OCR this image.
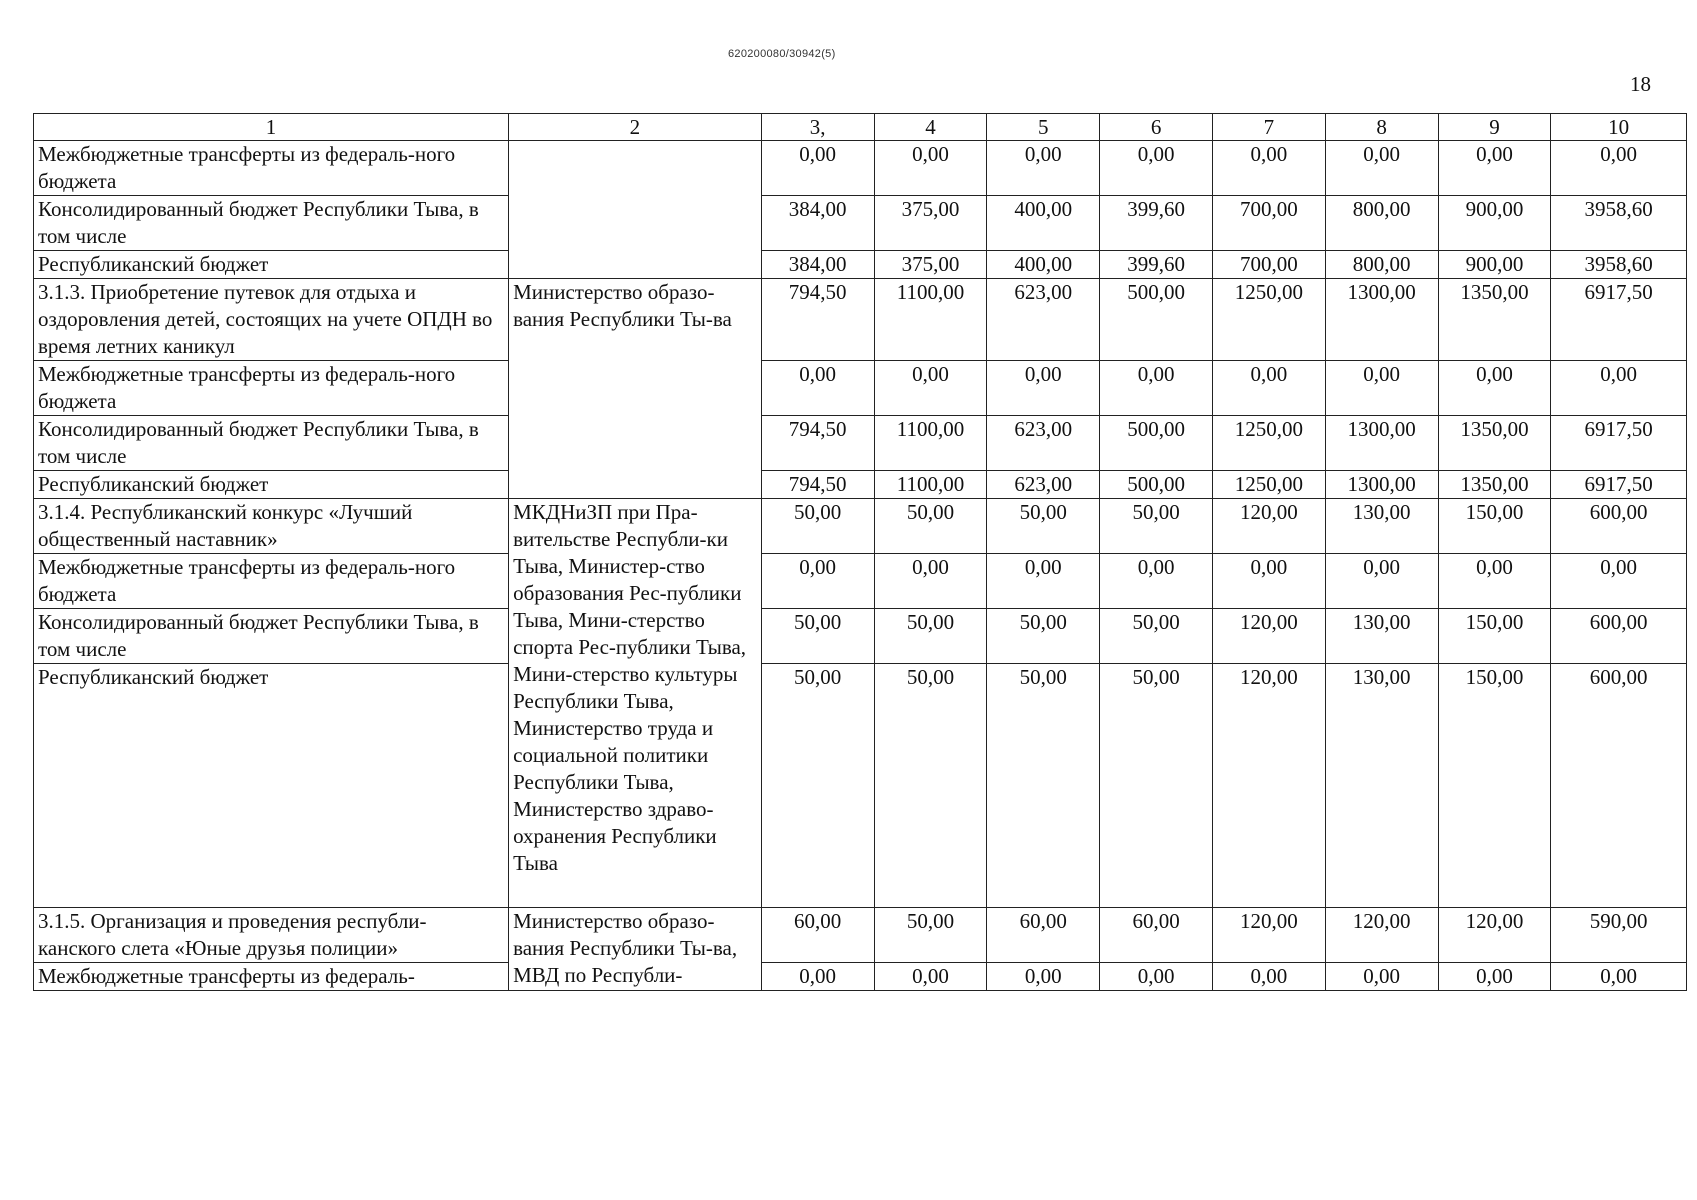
620200080/30942(5)
18
1	2	3,	4	5	6	7	8	9	10
Межбюджетные трансферты из федераль-ного бюджета		0,00	0,00	0,00	0,00	0,00	0,00	0,00	0,00
Консолидированный бюджет Республики Тыва, в том числе		384,00	375,00	400,00	399,60	700,00	800,00	900,00	3958,60
Республиканский бюджет		384,00	375,00	400,00	399,60	700,00	800,00	900,00	3958,60
3.1.3. Приобретение путевок для отдыха и оздоровления детей, состоящих на учете ОПДН во время летних каникул	Министерство образо-вания Республики Ты-ва	794,50	1100,00	623,00	500,00	1250,00	1300,00	1350,00	6917,50
Межбюджетные трансферты из федераль-ного бюджета		0,00	0,00	0,00	0,00	0,00	0,00	0,00	0,00
Консолидированный бюджет Республики Тыва, в том числе		794,50	1100,00	623,00	500,00	1250,00	1300,00	1350,00	6917,50
Республиканский бюджет		794,50	1100,00	623,00	500,00	1250,00	1300,00	1350,00	6917,50
3.1.4. Республиканский конкурс «Лучший общественный наставник»	МКДНиЗП при Пра-вительстве Республи-ки Тыва, Министер-ство образования Рес-публики Тыва, Мини-стерство спорта Рес-публики Тыва, Мини-стерство культуры Республики Тыва, Министерство труда и социальной политики Республики Тыва, Министерство здраво-охранения Республики Тыва	50,00	50,00	50,00	50,00	120,00	130,00	150,00	600,00
Межбюджетные трансферты из федераль-ного бюджета		0,00	0,00	0,00	0,00	0,00	0,00	0,00	0,00
Консолидированный бюджет Республики Тыва, в том числе		50,00	50,00	50,00	50,00	120,00	130,00	150,00	600,00
Республиканский бюджет		50,00	50,00	50,00	50,00	120,00	130,00	150,00	600,00
3.1.5. Организация и проведения республи-канского слета «Юные друзья полиции»	Министерство образо-вания Республики Ты-ва, МВД по Республи-	60,00	50,00	60,00	60,00	120,00	120,00	120,00	590,00
Межбюджетные трансферты из федераль-		0,00	0,00	0,00	0,00	0,00	0,00	0,00	0,00
